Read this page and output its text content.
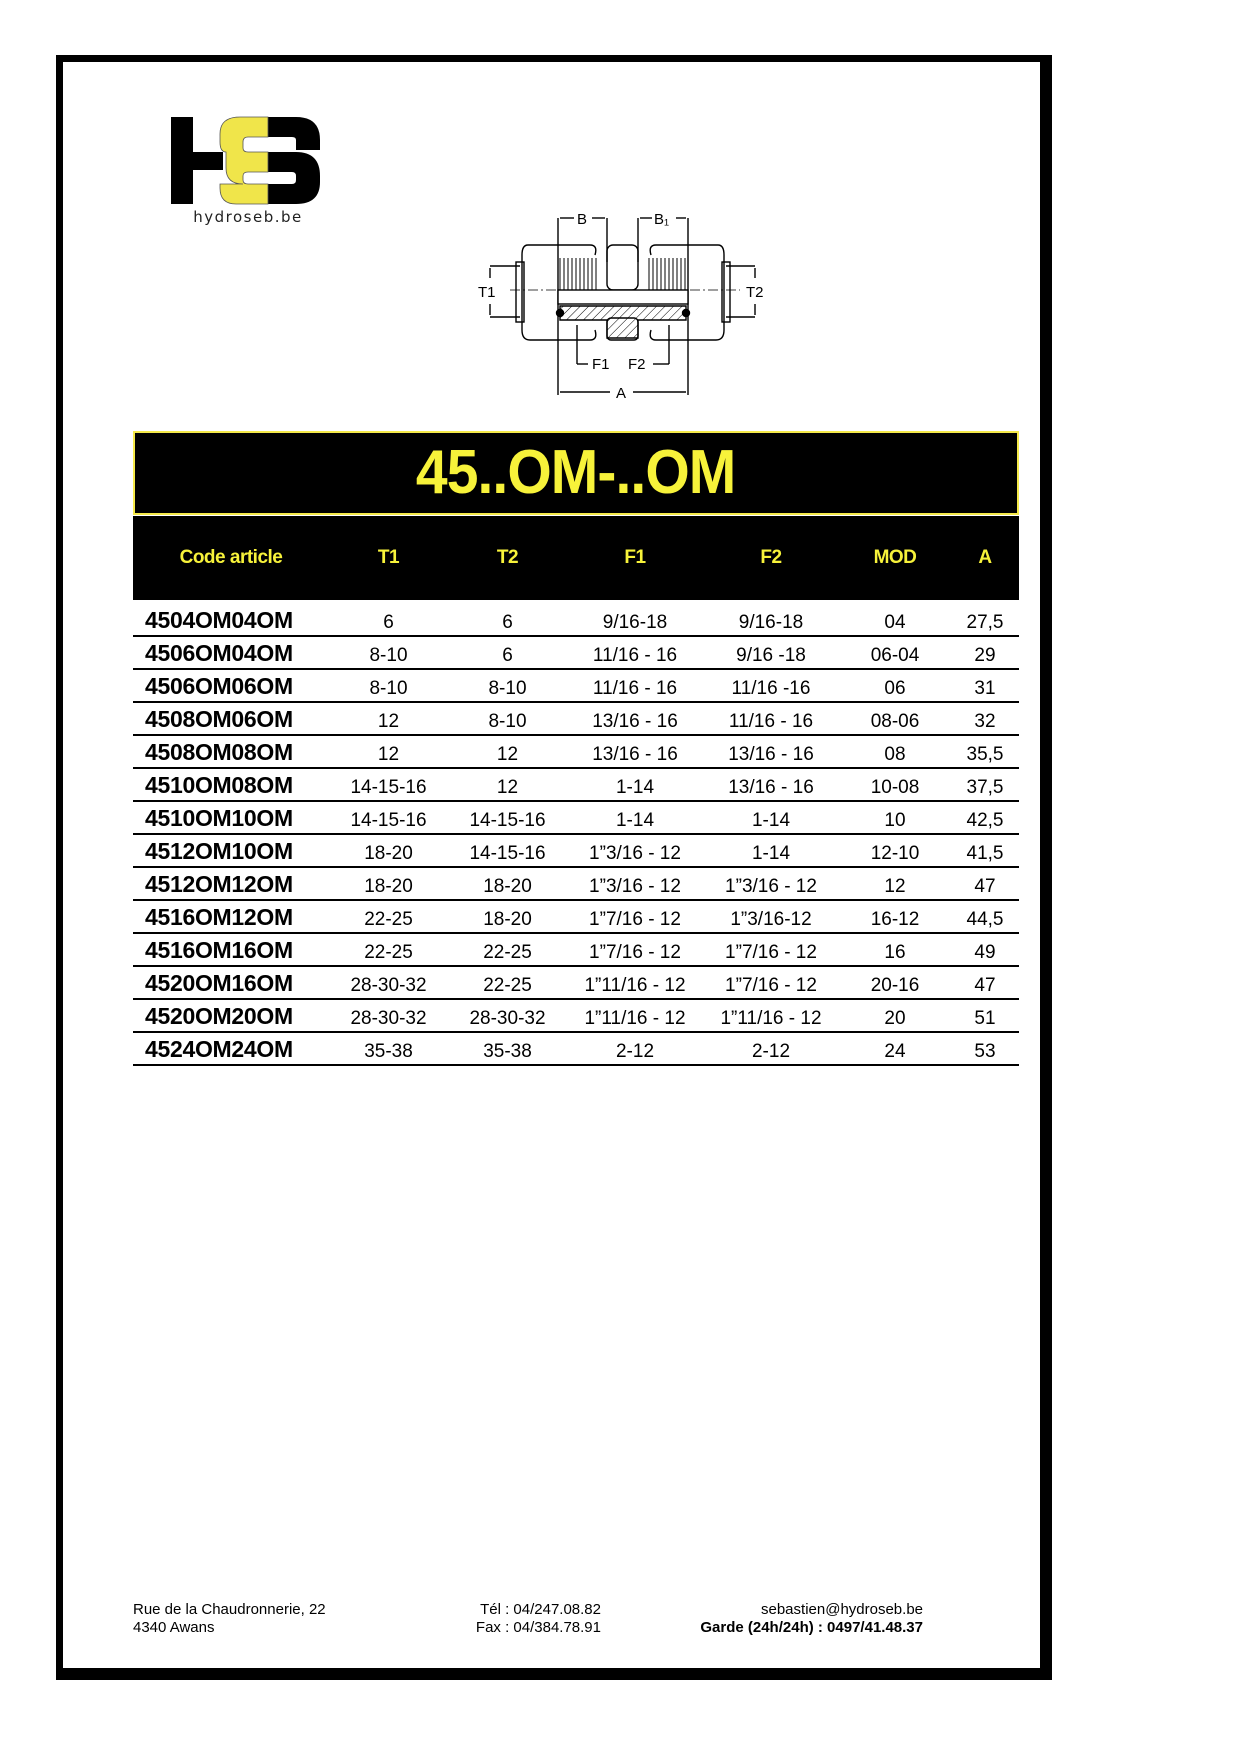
hydroseb.be	B	B₁
T1	T2
F1 F2
A
45..OM-..OM
Code article	T1	T2	F1	F2	MOD	A
4504OM04OM	6	6	9/16-18	9/16-18	04	27,5
4506OM04OM	8-10	6	11/16 - 16	9/16 -18	06-04	29
4506OM06OM	8-10	8-10	11/16 - 16	11/16 -16	06	31
4508OM06OM	12	8-10	13/16 - 16	11/16 - 16	08-06	32
4508OM08OM	12	12	13/16 - 16	13/16 - 16	08	35,5
4510OM08OM	14-15-16	12	1-14	13/16 - 16	10-08	37,5
4510OM10OM	14-15-16	14-15-16	1-14	1-14	10	42,5
4512OM10OM	18-20	14-15-16	1”3/16 - 12	1-14	12-10	41,5
4512OM12OM	18-20	18-20	1”3/16 - 12	1”3/16 - 12	12	47
4516OM12OM	22-25	18-20	1”7/16 - 12	1”3/16-12	16-12	44,5
4516OM16OM	22-25	22-25	1”7/16 - 12	1”7/16 - 12	16	49
4520OM16OM	28-30-32	22-25	1”11/16 - 12	1”7/16 - 12	20-16	47
4520OM20OM	28-30-32	28-30-32	1”11/16 - 12	1”11/16 - 12	20	51
4524OM24OM	35-38	35-38	2-12	2-12	24	53
Rue de la Chaudronnerie, 22
4340 Awans
Tél : 04/247.08.82
Fax : 04/384.78.91
sebastien@hydroseb.be
Garde (24h/24h) : 0497/41.48.37
